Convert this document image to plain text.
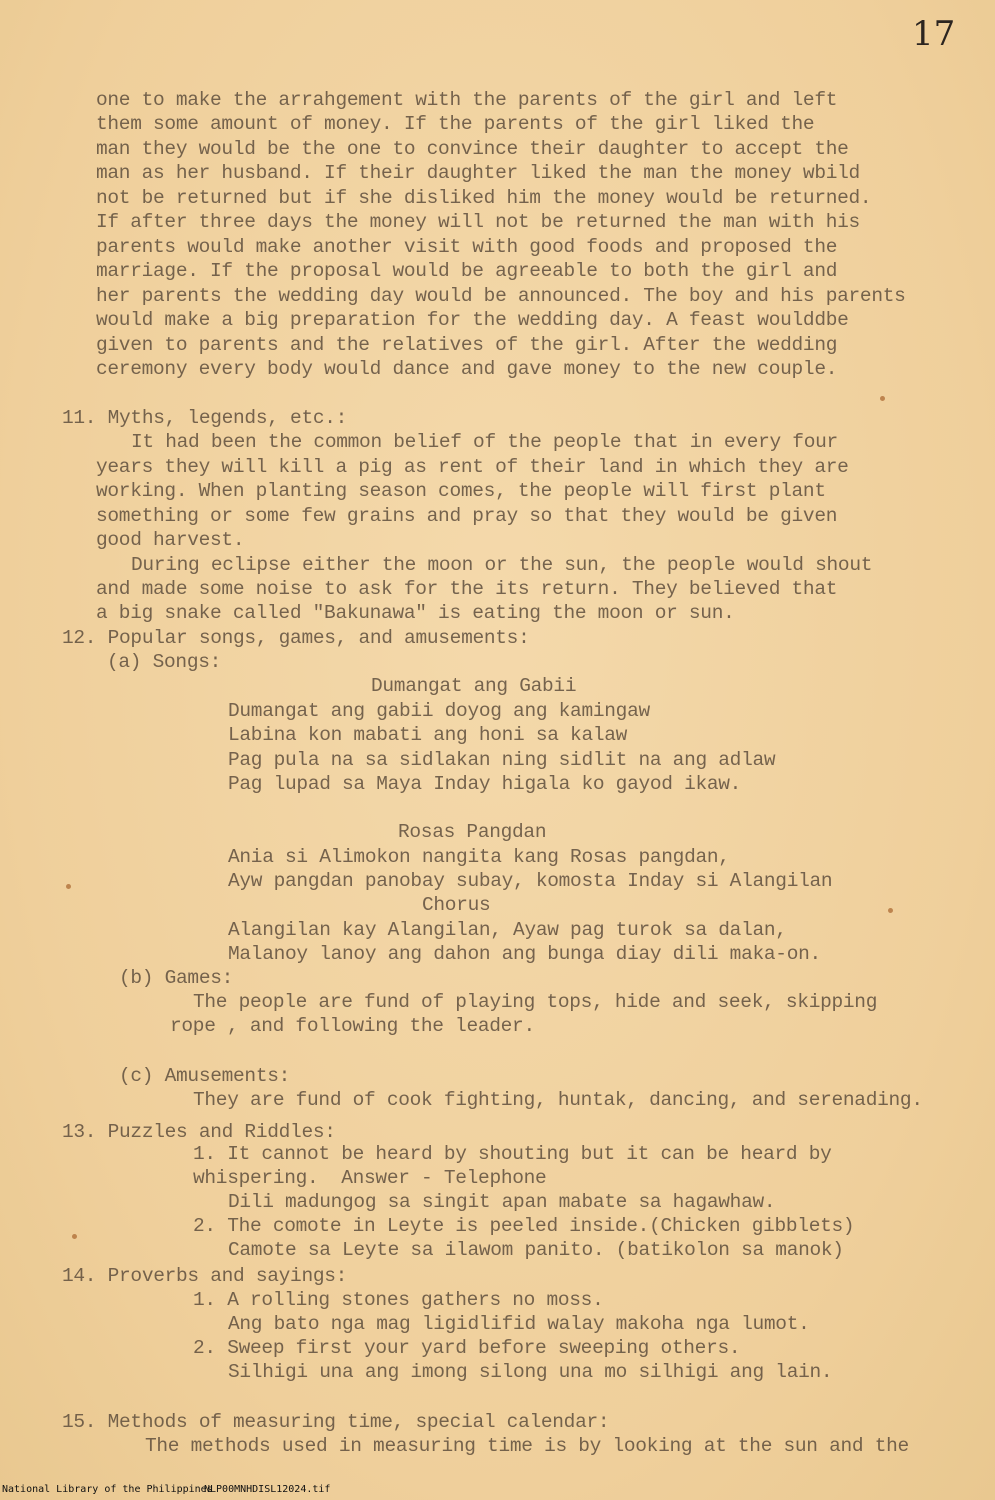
17
one to make the arrahgement with the parents of the girl and left
them some amount of money. If the parents of the girl liked the
man they would be the one to convince their daughter to accept the
man as her husband. If their daughter liked the man the money wbild
not be returned but if she disliked him the money would be returned.
If after three days the money will not be returned the man with his
parents would make another visit with good foods and proposed the
marriage. If the proposal would be agreeable to both the girl and
her parents the wedding day would be announced. The boy and his parents
would make a big preparation for the wedding day. A feast woulddbe
given to parents and the relatives of the girl. After the wedding
ceremony every body would dance and gave money to the new couple.
11. Myths, legends, etc.:
It had been the common belief of the people that in every four
years they will kill a pig as rent of their land in which they are
working. When planting season comes, the people will first plant
something or some few grains and pray so that they would be given
good harvest.
During eclipse either the moon or the sun, the people would shout
and made some noise to ask for the its return. They believed that
a big snake called "Bakunawa" is eating the moon or sun.
12. Popular songs, games, and amusements:
(a) Songs:
Dumangat ang Gabii
Dumangat ang gabii doyog ang kamingaw
Labina kon mabati ang honi sa kalaw
Pag pula na sa sidlakan ning sidlit na ang adlaw
Pag lupad sa Maya Inday higala ko gayod ikaw.
Rosas Pangdan
Ania si Alimokon nangita kang Rosas pangdan,
Ayw pangdan panobay subay, komosta Inday si Alangilan
Chorus
Alangilan kay Alangilan, Ayaw pag turok sa dalan,
Malanoy lanoy ang dahon ang bunga diay dili maka-on.
(b) Games:
The people are fund of playing tops, hide and seek, skipping
rope , and following the leader.
(c) Amusements:
They are fund of cook fighting, huntak, dancing, and serenading.
13. Puzzles and Riddles:
1. It cannot be heard by shouting but it can be heard by
whispering.  Answer - Telephone
Dili madungog sa singit apan mabate sa hagawhaw.
2. The comote in Leyte is peeled inside.(Chicken gibblets)
Camote sa Leyte sa ilawom panito. (batikolon sa manok)
14. Proverbs and sayings:
1. A rolling stones gathers no moss.
Ang bato nga mag ligidlifid walay makoha nga lumot.
2. Sweep first your yard before sweeping others.
Silhigi una ang imong silong una mo silhigi ang lain.
15. Methods of measuring time, special calendar:
The methods used in measuring time is by looking at the sun and the
National Library of the Philippines
NLP00MNHDISL12024.tif
